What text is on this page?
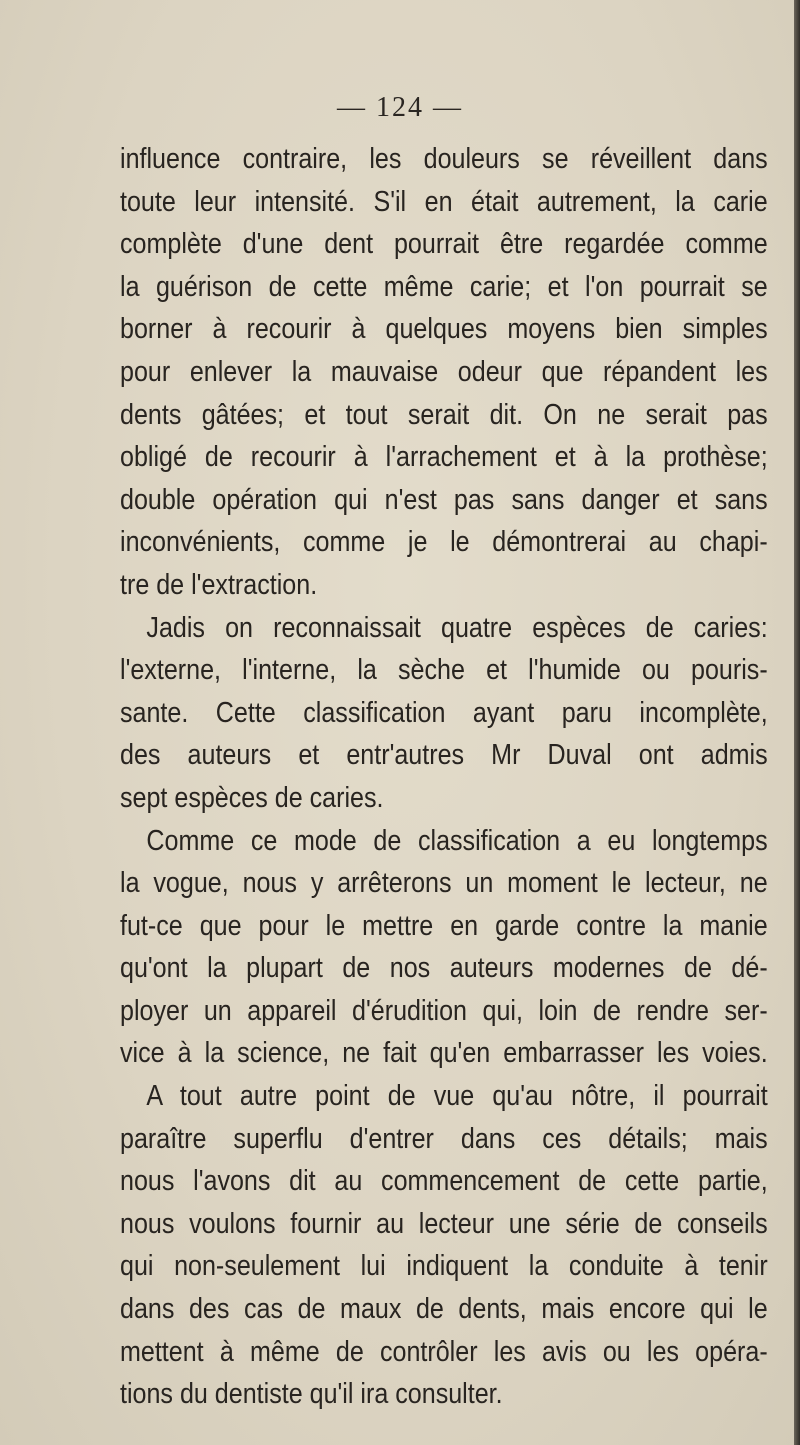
— 124 —
influence contraire, les douleurs se réveillent dans
toute leur intensité. S'il en était autrement, la carie
complète d'une dent pourrait être regardée comme
la guérison de cette même carie; et l'on pourrait se
borner à recourir à quelques moyens bien simples
pour enlever la mauvaise odeur que répandent les
dents gâtées; et tout serait dit. On ne serait pas
obligé de recourir à l'arrachement et à la prothèse;
double opération qui n'est pas sans danger et sans
inconvénients, comme je le démontrerai au chapi-
tre de l'extraction.
Jadis on reconnaissait quatre espèces de caries:
l'externe, l'interne, la sèche et l'humide ou pouris-
sante. Cette classification ayant paru incomplète,
des auteurs et entr'autres Mr Duval ont admis
sept espèces de caries.
Comme ce mode de classification a eu longtemps
la vogue, nous y arrêterons un moment le lecteur, ne
fut-ce que pour le mettre en garde contre la manie
qu'ont la plupart de nos auteurs modernes de dé-
ployer un appareil d'érudition qui, loin de rendre ser-
vice à la science, ne fait qu'en embarrasser les voies.
A tout autre point de vue qu'au nôtre, il pourrait
paraître superflu d'entrer dans ces détails; mais
nous l'avons dit au commencement de cette partie,
nous voulons fournir au lecteur une série de conseils
qui non-seulement lui indiquent la conduite à tenir
dans des cas de maux de dents, mais encore qui le
mettent à même de contrôler les avis ou les opéra-
tions du dentiste qu'il ira consulter.
